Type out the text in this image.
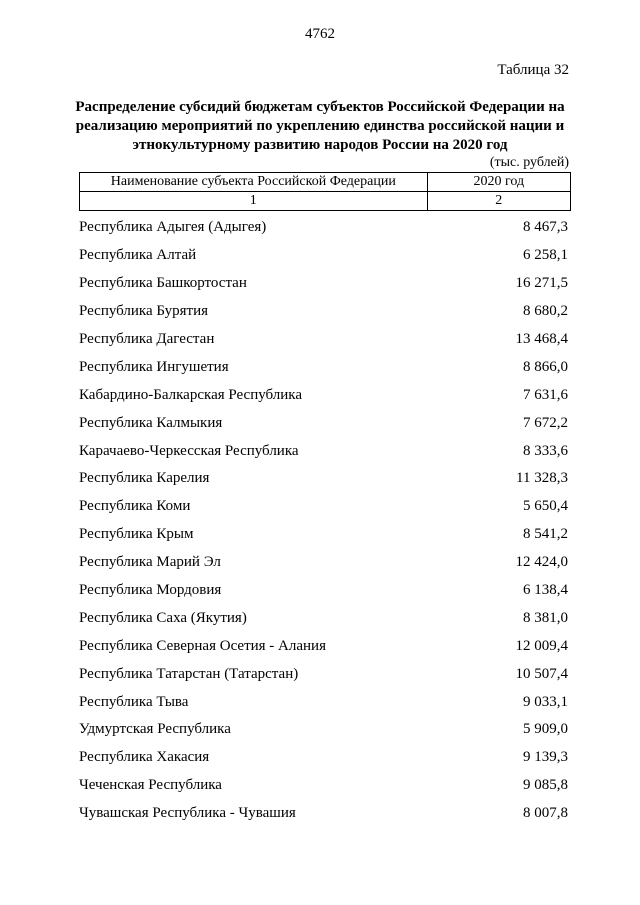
4762
Таблица 32
Распределение субсидий бюджетам субъектов Российской Федерации на реализацию мероприятий по укреплению единства российской нации и этнокультурному развитию народов России на 2020 год
(тыс. рублей)
Наименование субъекта Российской Федерации	2020 год
1	2
Республика Адыгея (Адыгея)	8 467,3
Республика Алтай	6 258,1
Республика Башкортостан	16 271,5
Республика Бурятия	8 680,2
Республика Дагестан	13 468,4
Республика Ингушетия	8 866,0
Кабардино-Балкарская Республика	7 631,6
Республика Калмыкия	7 672,2
Карачаево-Черкесская Республика	8 333,6
Республика Карелия	11 328,3
Республика Коми	5 650,4
Республика Крым	8 541,2
Республика Марий Эл	12 424,0
Республика Мордовия	6 138,4
Республика Саха (Якутия)	8 381,0
Республика Северная Осетия - Алания	12 009,4
Республика Татарстан (Татарстан)	10 507,4
Республика Тыва	9 033,1
Удмуртская Республика	5 909,0
Республика Хакасия	9 139,3
Чеченская Республика	9 085,8
Чувашская Республика - Чувашия	8 007,8
